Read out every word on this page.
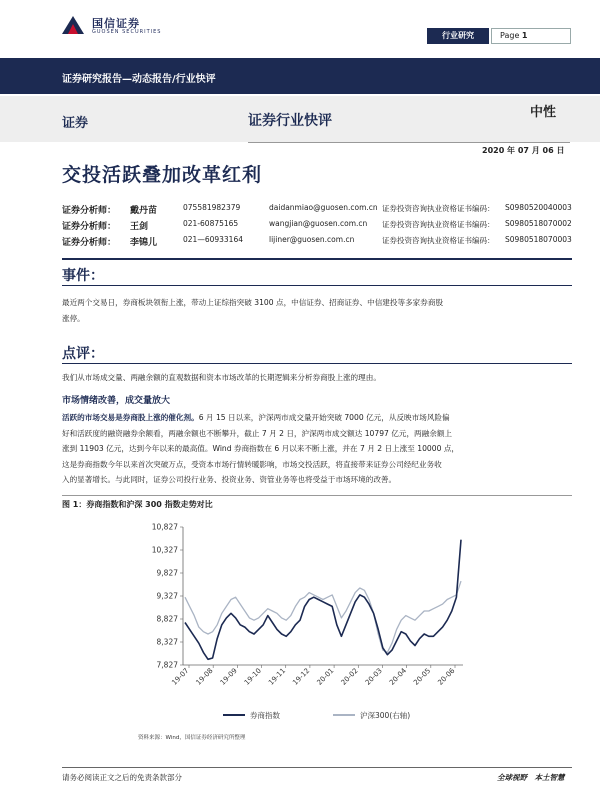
国信证券
GUOSEN SECURITIES	行业研究	Page 1
证券研究报告—动态报告/行业快评
证券	证券行业快评
中性
2020 年 07 月 06 日
交投活跃叠加改革红利
证券分析师： 戴丹苗	0755819823​79	daidanmiao@guosen.com.cn 证券投资咨询执业资格证书编码： S0980520040003
证券分析师： 王剑	021-60875165	wangjian@guosen.com.cn 证券投资咨询执业资格证书编码： S0980518070002
证券分析师： 李锦儿	021—60933164	lijiner@guosen.com.cn	证券投资咨询执业资格证书编码： S0980518070003
事件：
最近两个交易日，券商板块领衔上涨，带动上证综指突破 3100 点，中信证券、招商证券、中信建投等多家券商股
涨停。
点评：
我们从市场成交量、两融余额的直观数据和资本市场改革的长期逻辑来分析券商股上涨的理由。
市场情绪改善，成交量放大
活跃的市场交易是券商股上涨的催化剂。6 月 15 日以来，沪深两市成交量开始突破 7000 亿元，从反映市场风险偏
好和活跃度的融资融券余额看，两融余额也不断攀升，截止 7 月 2 日，沪深两市成交额达 10797 亿元，两融余额上
涨到 11903 亿元，达到今年以来的最高值。Wind 券商指数在 6 月以来不断上涨，并在 7 月 2 日上涨至 10000 点，
这是券商指数今年以来首次突破万点，受资本市场行情转暖影响，市场交投活跃，将直接带来证券公司经纪业务收
入的显著增长。与此同时，证券公司投行业务、投资业务、资管业务等也将受益于市场环境的改善。
图 1：券商指数和沪深 300 指数走势对比
7,827
8,327
8,827
9,327
9,827
10,327
10,827
19-07 19-08 19-09 19-10 19-11 19-12 20-01 20-02 20-03 20-04 20-05 20-06
券商指数	沪深300(右轴)
资料来源：Wind，国信证券经济研究所整理
请务必阅读正文之后的免责条款部分	全球视野　本土智慧
